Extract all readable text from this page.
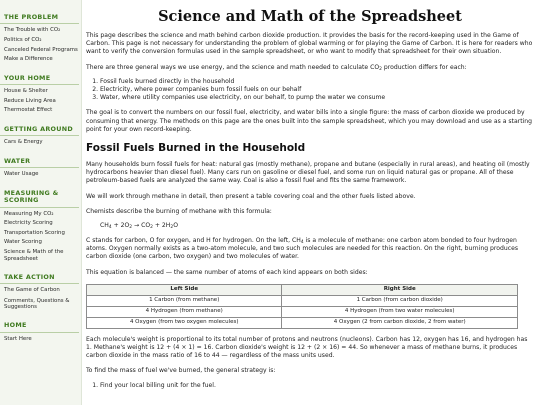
THE PROBLEM
The Trouble with CO₂
Politics of CO₂
Canceled Federal Programs
Make a Difference
YOUR HOME
House & Shelter
Reduce Living Area
Thermostat Effect
GETTING AROUND
Cars & Energy
WATER
Water Usage
MEASURING & SCORING
Measuring My CO₂
Electricity Scoring
Transportation Scoring
Water Scoring
Science & Math of the Spreadsheet
TAKE ACTION
The Game of Carbon
Comments, Questions & Suggestions
HOME
Start Here
Science and Math of the Spreadsheet

This page describes the science and math behind carbon dioxide production. It provides the basis for the record-keeping used in the Game of Carbon. This page is not necessary for understanding the problem of global warming or for playing the Game of Carbon. It is here for readers who want to verify the conversion formulas used in the sample spreadsheet, or who want to modify that spreadsheet for their own situation.

There are three general ways we use energy, and the science and math needed to calculate $CO_2$ production differs for each:

1. Fossil fuels burned directly in the household
2. Electricity, where power companies burn fossil fuels on our behalf
3. Water, where utility companies use electricity, on our behalf, to pump the water we consume

The goal is to convert the numbers on our fossil fuel, electricity, and water bills into a single figure: the mass of carbon dioxide we produced by consuming that energy. The methods on this page are the ones built into the sample spreadsheet, which you may download and use as a starting point for your own record-keeping.

Fossil Fuels Burned in the Household

Many households burn fossil fuels for heat: natural gas (mostly methane), propane and butane (especially in rural areas), and heating oil (mostly hydrocarbons heavier than diesel fuel). Many cars run on gasoline or diesel fuel, and some run on liquid natural gas or propane. All of these petroleum-based fuels are analyzed the same way. Coal is also a fossil fuel and fits the same framework.

We will work through methane in detail, then present a table covering coal and the other fuels listed above.

Chemists describe the burning of methane with this formula:

$CH_4 + 2O_2 \to CO_2 + 2H_2O$

C stands for carbon, O for oxygen, and H for hydrogen. On the left, $CH_4$ is a molecule of methane: one carbon atom bonded to four hydrogen atoms. Oxygen normally exists as a two-atom molecule, and two such molecules are needed for this reaction. On the right, burning produces carbon dioxide (one carbon, two oxygen) and two molecules of water.

This equation is balanced — the same number of atoms of each kind appears on both sides:

Left Side	Right Side
1 Carbon (from methane)	1 Carbon (from carbon dioxide)
4 Hydrogen (from methane)	4 Hydrogen (from two water molecules)
4 Oxygen (from two oxygen molecules)	4 Oxygen (2 from carbon dioxide, 2 from water)

Each molecule's weight is proportional to its total number of protons and neutrons (nucleons). Carbon has 12, oxygen has 16, and hydrogen has 1. Methane's weight is 12 + (4 × 1) = 16. Carbon dioxide's weight is 12 + (2 × 16) = 44. So whenever a mass of methane burns, it produces carbon dioxide in the mass ratio of 16 to 44 — regardless of the mass units used.

To find the mass of fuel we've burned, the general strategy is:

1. Find your local billing unit for the fuel.
